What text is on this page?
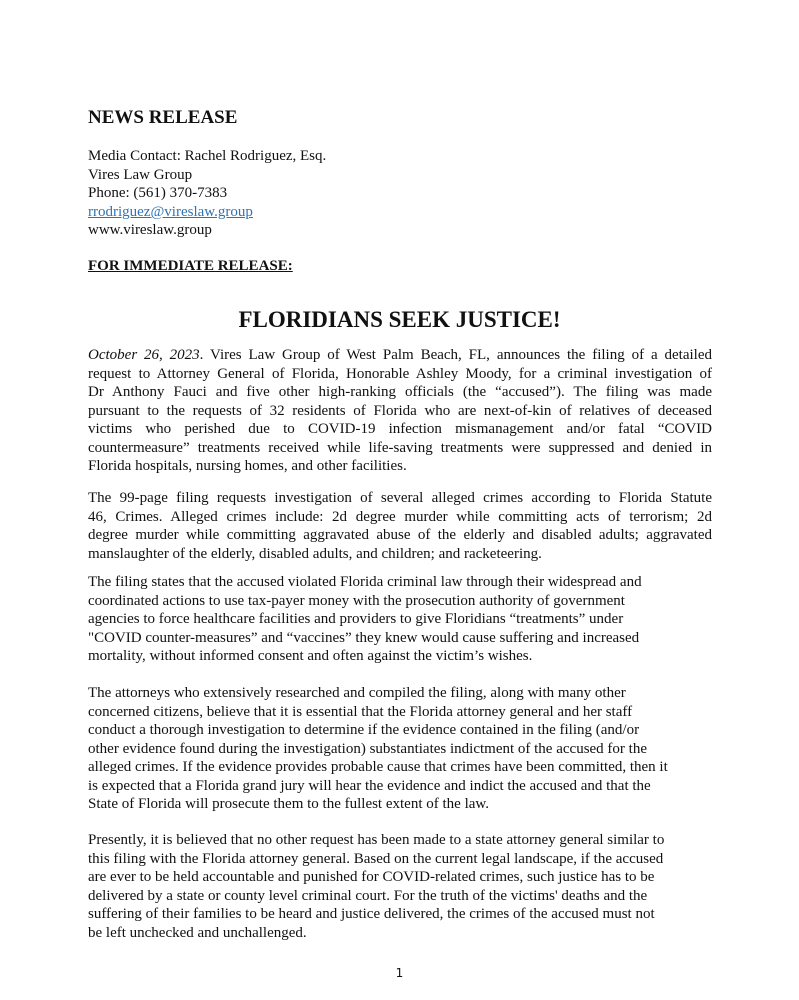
NEWS RELEASE
Media Contact: Rachel Rodriguez, Esq.
Vires Law Group
Phone: (561) 370-7383
rrodriguez@vireslaw.group
www.vireslaw.group
FOR IMMEDIATE RELEASE:
FLORIDIANS SEEK JUSTICE!
October 26, 2023. Vires Law Group of West Palm Beach, FL, announces the filing of a detailed
request to Attorney General of Florida, Honorable Ashley Moody, for a criminal investigation of
Dr Anthony Fauci and five other high-ranking officials (the “accused”). The filing was made
pursuant to the requests of 32 residents of Florida who are next-of-kin of relatives of deceased
victims who perished due to COVID-19 infection mismanagement and/or fatal “COVID
countermeasure” treatments received while life-saving treatments were suppressed and denied in
Florida hospitals, nursing homes, and other facilities.
The 99-page filing requests investigation of several alleged crimes according to Florida Statute
46, Crimes. Alleged crimes include: 2d degree murder while committing acts of terrorism; 2d
degree murder while committing aggravated abuse of the elderly and disabled adults; aggravated
manslaughter of the elderly, disabled adults, and children; and racketeering.
The filing states that the accused violated Florida criminal law through their widespread and
coordinated actions to use tax-payer money with the prosecution authority of government
agencies to force healthcare facilities and providers to give Floridians “treatments” under
"COVID counter-measures” and “vaccines” they knew would cause suffering and increased
mortality, without informed consent and often against the victim’s wishes.
The attorneys who extensively researched and compiled the filing, along with many other
concerned citizens, believe that it is essential that the Florida attorney general and her staff
conduct a thorough investigation to determine if the evidence contained in the filing (and/or
other evidence found during the investigation) substantiates indictment of the accused for the
alleged crimes. If the evidence provides probable cause that crimes have been committed, then it
is expected that a Florida grand jury will hear the evidence and indict the accused and that the
State of Florida will prosecute them to the fullest extent of the law.
Presently, it is believed that no other request has been made to a state attorney general similar to
this filing with the Florida attorney general. Based on the current legal landscape, if the accused
are ever to be held accountable and punished for COVID-related crimes, such justice has to be
delivered by a state or county level criminal court. For the truth of the victims' deaths and the
suffering of their families to be heard and justice delivered, the crimes of the accused must not
be left unchecked and unchallenged.
1
